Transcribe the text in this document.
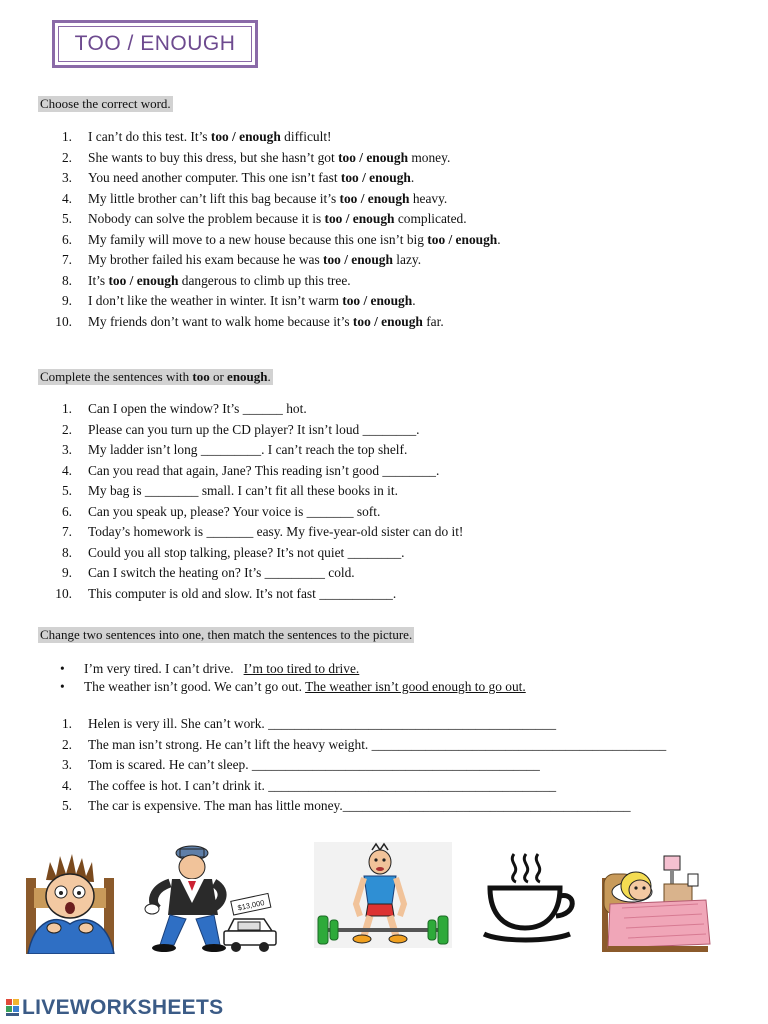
TOO / ENOUGH
Choose the correct word.
1. I can’t do this test. It’s too / enough difficult!
2. She wants to buy this dress, but she hasn’t got too / enough money.
3. You need another computer. This one isn’t fast too / enough.
4. My little brother can’t lift this bag because it’s too / enough heavy.
5. Nobody can solve the problem because it is too / enough complicated.
6. My family will move to a new house because this one isn’t big too / enough.
7. My brother failed his exam because he was too / enough lazy.
8. It’s too / enough dangerous to climb up this tree.
9. I don’t like the weather in winter. It isn’t warm too / enough.
10. My friends don’t want to walk home because it’s too / enough far.
Complete the sentences with too or enough.
1. Can I open the window? It’s ______ hot.
2. Please can you turn up the CD player? It isn’t loud ________.
3. My ladder isn’t long _________. I can’t reach the top shelf.
4. Can you read that again, Jane? This reading isn’t good ________.
5. My bag is ________ small. I can’t fit all these books in it.
6. Can you speak up, please? Your voice is _______ soft.
7. Today’s homework is _______ easy. My five-year-old sister can do it!
8. Could you all stop talking, please? It’s not quiet ________.
9. Can I switch the heating on? It’s _________ cold.
10. This computer is old and slow. It’s not fast ___________.
Change two sentences into one, then match the sentences to the picture.
• I’m very tired. I can’t drive. I’m too tired to drive.
• The weather isn’t good. We can’t go out. The weather isn’t good enough to go out.
1. Helen is very ill. She can’t work. ___________________________________________
2. The man isn’t strong. He can’t lift the heavy weight. ____________________________________________
3. Tom is scared. He can’t sleep. ___________________________________________
4. The coffee is hot. I can’t drink it. ___________________________________________
5. The car is expensive. The man has little money.___________________________________________
$13,000
LIVEWORKSHEETS
